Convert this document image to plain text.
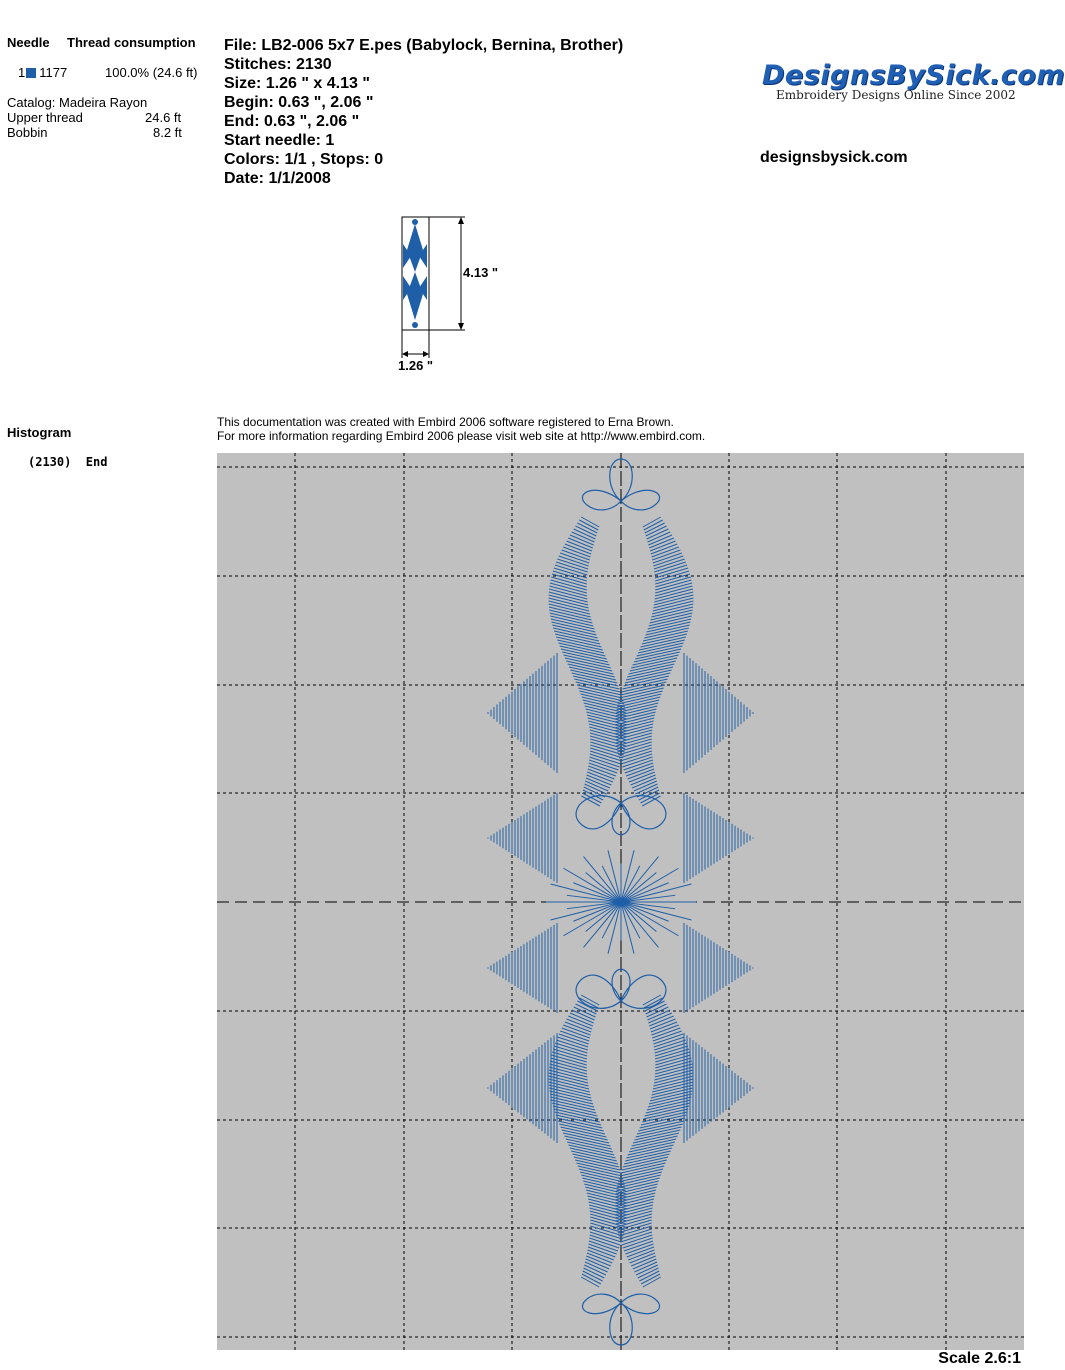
Needle Thread consumption
1 1177	100.0% (24.6 ft)
Catalog: Madeira Rayon
Upper thread	24.6 ft
Bobbin	8.2 ft
File: LB2-006 5x7 E.pes (Babylock, Bernina, Brother)
Stitches: 2130
Size: 1.26 " x 4.13 "
Begin: 0.63 ", 2.06 "
End: 0.63 ", 2.06 "
Start needle: 1
Colors: 1/1 , Stops: 0
Date: 1/1/2008
DesignsBySick.com
Embroidery Designs Online Since 2002
designsbysick.com
4.13 "
1.26 "
Histogram
(2130)  End
This documentation was created with Embird 2006 software registered to Erna Brown.
For more information regarding Embird 2006 please visit web site at http://www.embird.com.
Scale 2.6:1
